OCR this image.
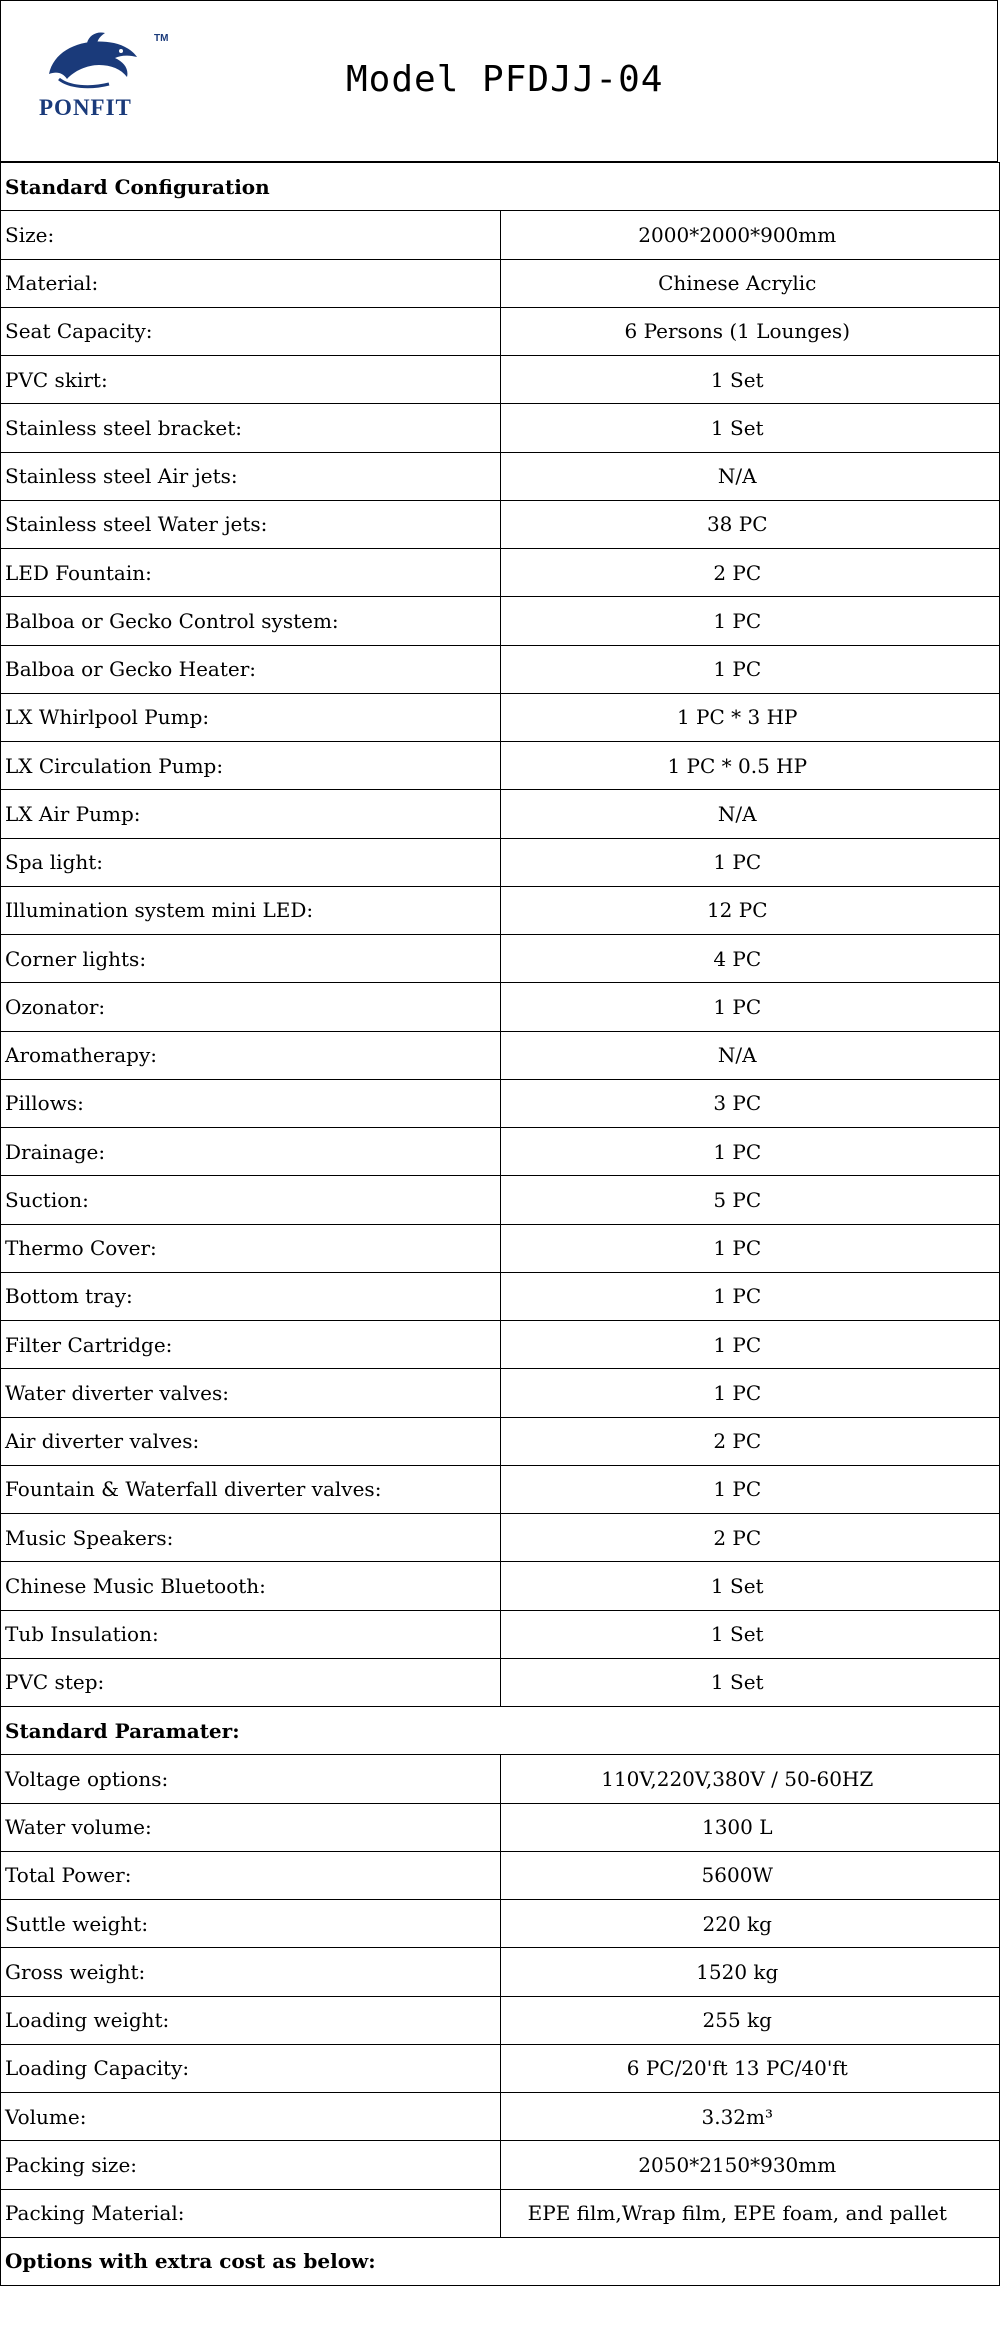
TM
PONFIT
Model PFDJJ-04
Standard Configuration	
Size:	2000*2000*900mm
Material:	Chinese Acrylic
Seat Capacity:	6 Persons (1 Lounges)
PVC skirt:	1 Set
Stainless steel bracket:	1 Set
Stainless steel Air jets:	N/A
Stainless steel Water jets:	38 PC
LED Fountain:	2 PC
Balboa or Gecko Control system:	1 PC
Balboa or Gecko Heater:	1 PC
LX Whirlpool Pump:	1 PC * 3 HP
LX Circulation Pump:	1 PC * 0.5 HP
LX Air Pump:	N/A
Spa light:	1 PC
Illumination system mini LED:	12 PC
Corner lights:	4 PC
Ozonator:	1 PC
Aromatherapy:	N/A
Pillows:	3 PC
Drainage:	1 PC
Suction:	5 PC
Thermo Cover:	1 PC
Bottom tray:	1 PC
Filter Cartridge:	1 PC
Water diverter valves:	1 PC
Air diverter valves:	2 PC
Fountain & Waterfall diverter valves:	1 PC
Music Speakers:	2 PC
Chinese Music Bluetooth:	1 Set
Tub Insulation:	1 Set
PVC step:	1 Set
Standard Paramater:	
Voltage options:	110V,220V,380V / 50-60HZ
Water volume:	1300 L
Total Power:	5600W
Suttle weight:	220 kg
Gross weight:	1520 kg
Loading weight:	255 kg
Loading Capacity:	6 PC/20'ft 13 PC/40'ft
Volume:	3.32m³
Packing size:	2050*2150*930mm
Packing Material:	EPE film,Wrap film, EPE foam, and pallet
Options with extra cost as below:	
